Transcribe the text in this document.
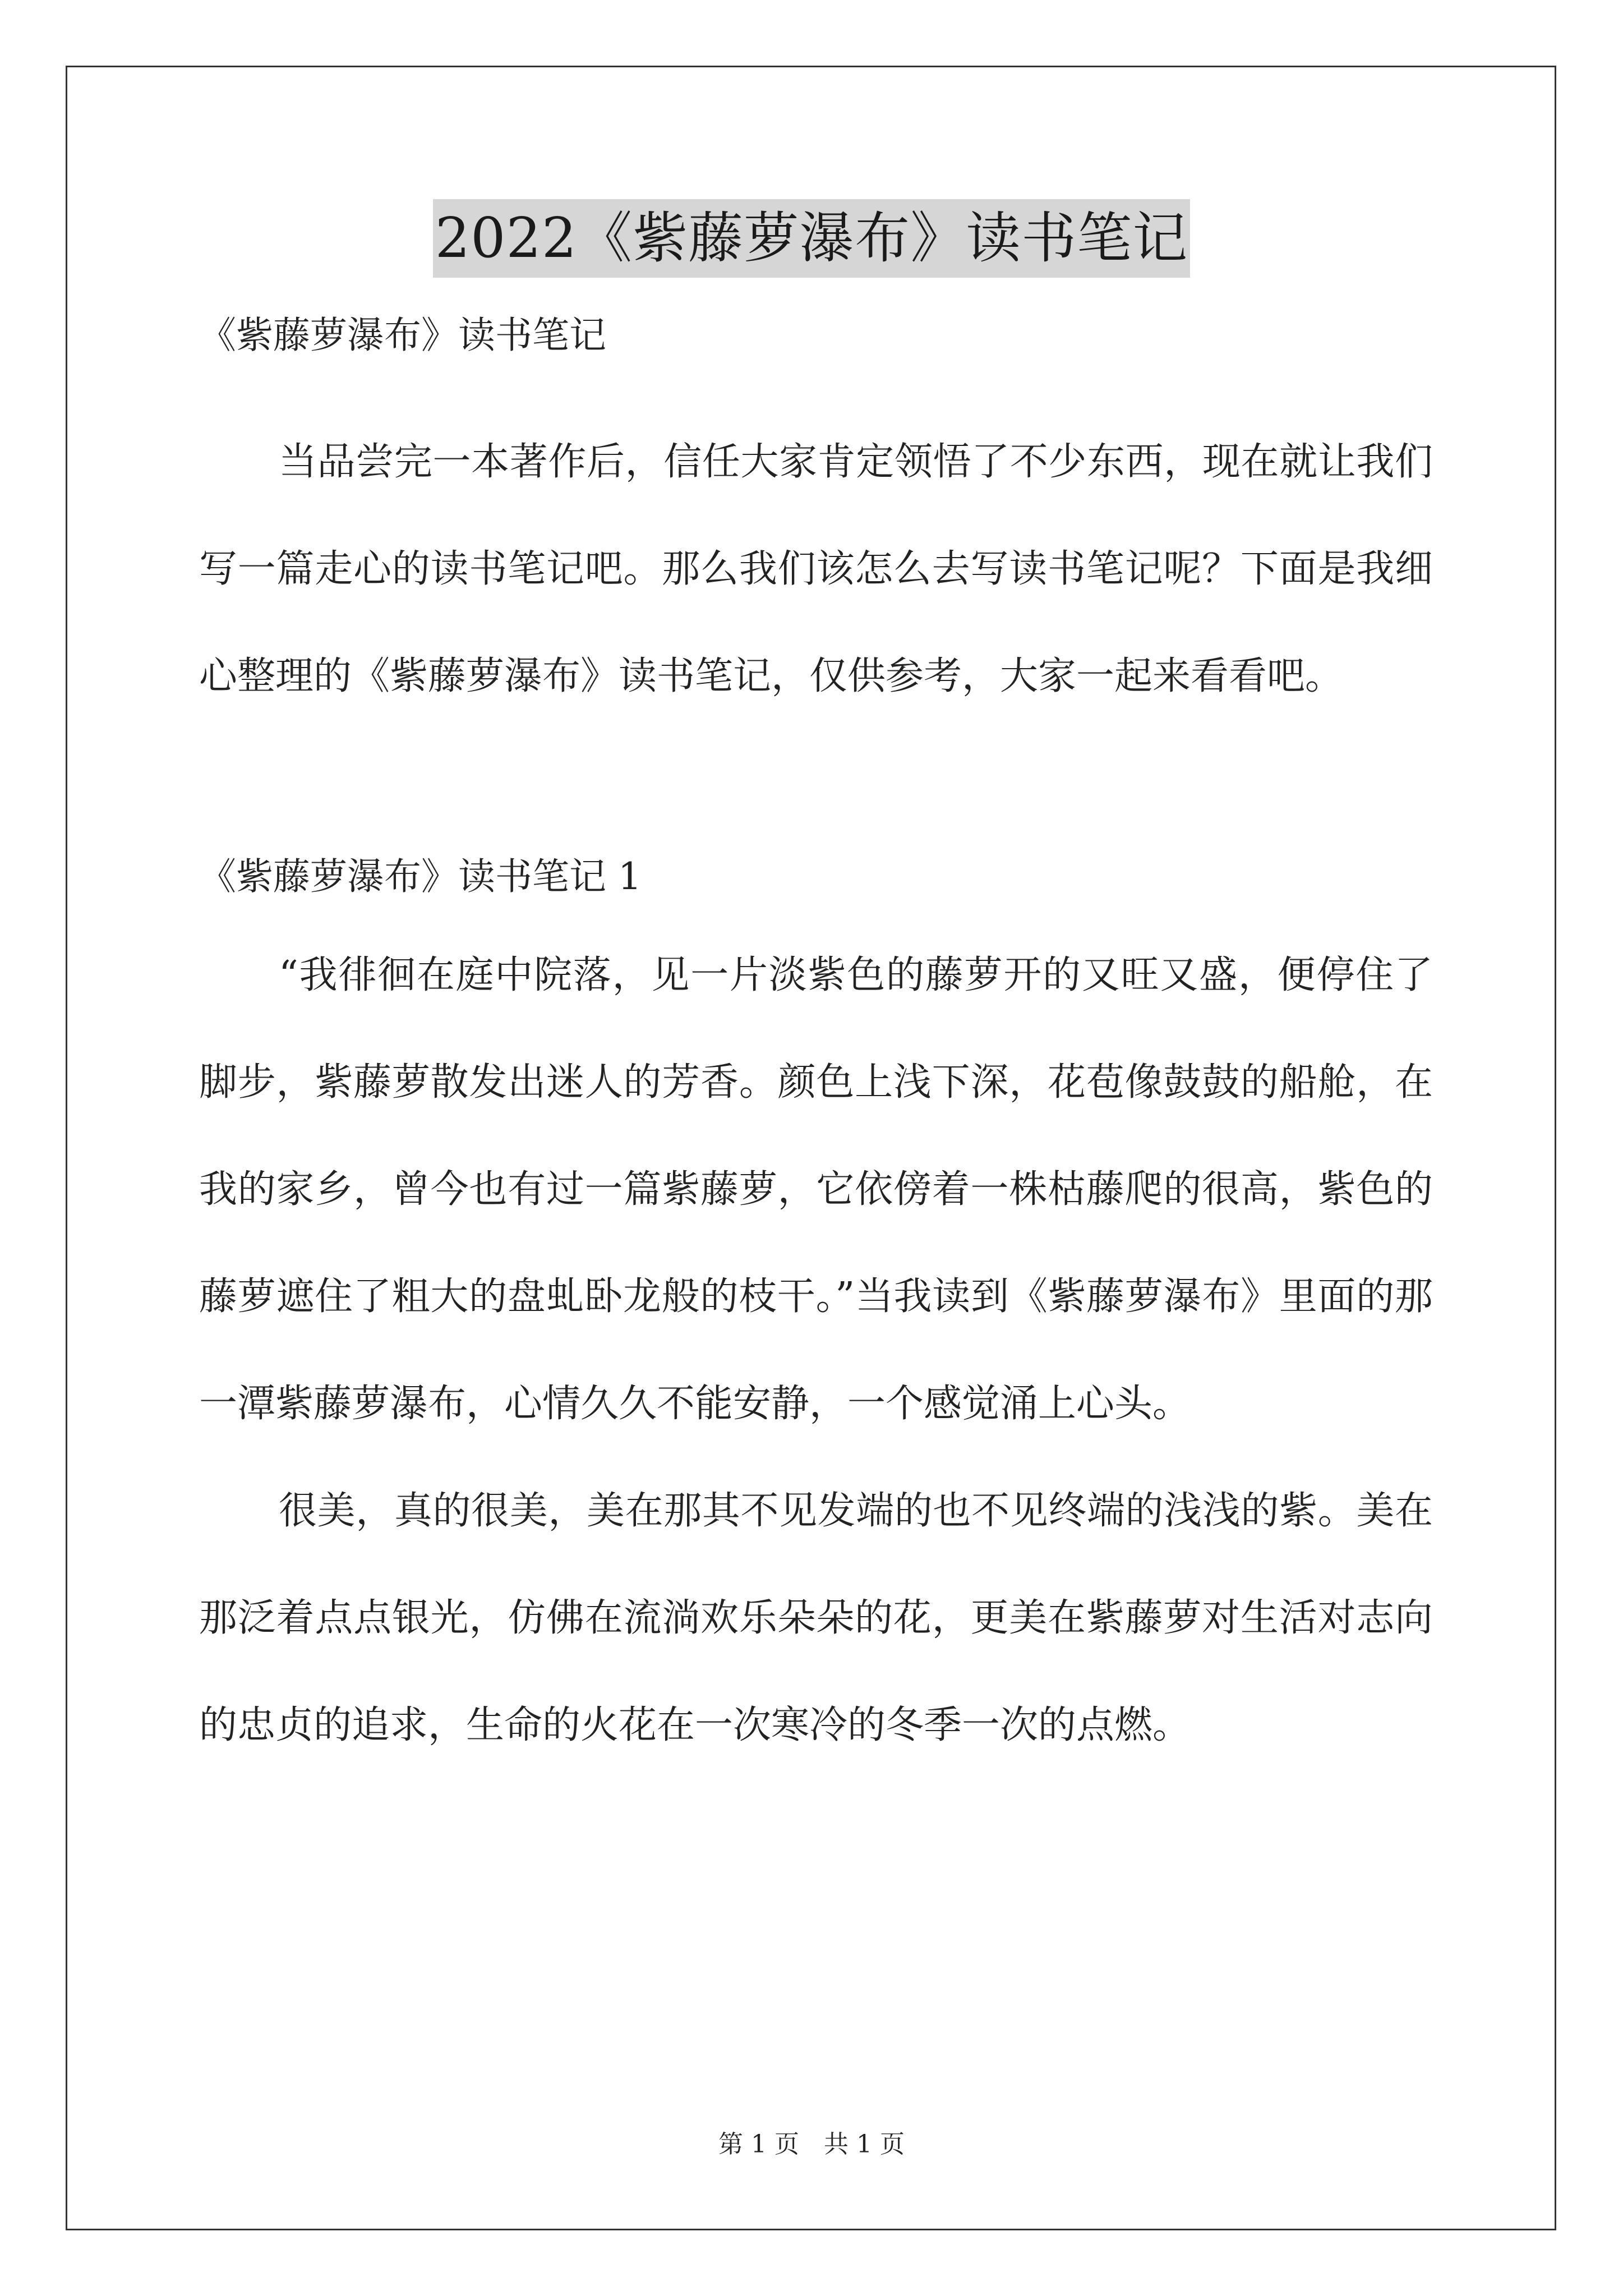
2022《紫藤萝瀑布》读书笔记

《紫藤萝瀑布》读书笔记

当品尝完一本著作后，信任大家肯定领悟了不少东西，现在就让我们写一篇走心的读书笔记吧。那么我们该怎么去写读书笔记呢？下面是我细心整理的《紫藤萝瀑布》读书笔记，仅供参考，大家一起来看看吧。

《紫藤萝瀑布》读书笔记 1

“我徘徊在庭中院落，见一片淡紫色的藤萝开的又旺又盛，便停住了脚步，紫藤萝散发出迷人的芳香。颜色上浅下深，花苞像鼓鼓的船舱，在我的家乡，曾今也有过一篇紫藤萝，它依傍着一株枯藤爬的很高，紫色的藤萝遮住了粗大的盘虬卧龙般的枝干。”当我读到《紫藤萝瀑布》里面的那一潭紫藤萝瀑布，心情久久不能安静，一个感觉涌上心头。

很美，真的很美，美在那其不见发端的也不见终端的浅浅的紫。美在那泛着点点银光，仿佛在流淌欢乐朵朵的花，更美在紫藤萝对生活对志向的忠贞的追求，生命的火花在一次寒冷的冬季一次的点燃。

第 1 页 共 1 页
